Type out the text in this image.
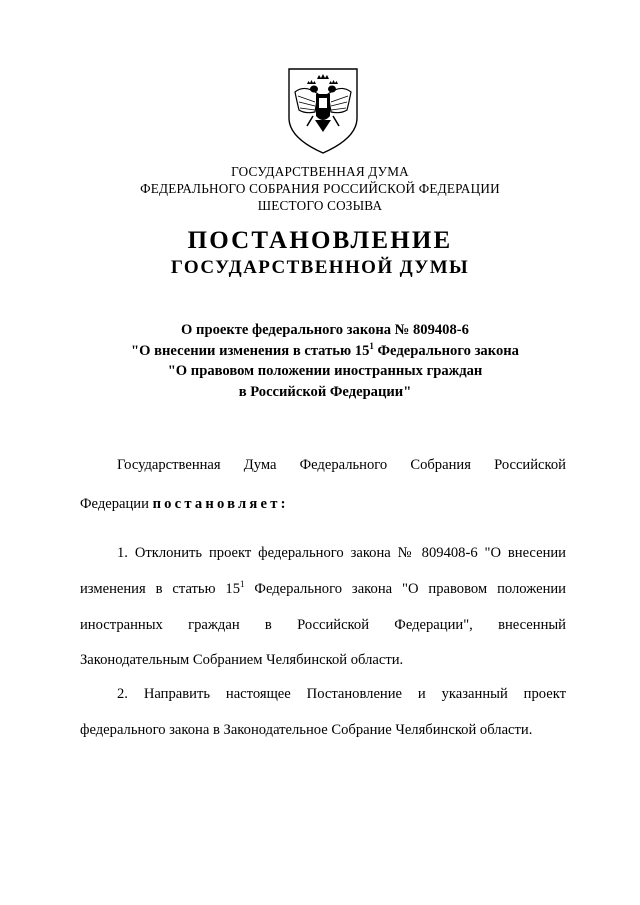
ГОСУДАРСТВЕННАЯ ДУМА

ФЕДЕРАЛЬНОГО СОБРАНИЯ РОССИЙСКОЙ ФЕДЕРАЦИИ

ШЕСТОГО СОЗЫВА

ПОСТАНОВЛЕНИЕ
ГОСУДАРСТВЕННОЙ ДУМЫ
О проекте федерального закона № 809408-6
"О внесении изменения в статью $15^1$ Федерального закона
"О правовом положении иностранных граждан
в Российской Федерации"

Государственная Дума Федерального Собрания Российской

Федерации постановляет:

1. Отклонить проект федерального закона № 809408-6 "О внесении

изменения в статью $15^1$ Федерального закона "О правовом положении

иностранных граждан в Российской Федерации", внесенный

Законодательным Собранием Челябинской области.

2. Направить настоящее Постановление и указанный проект

федерального закона в Законодательное Собрание Челябинской области.
